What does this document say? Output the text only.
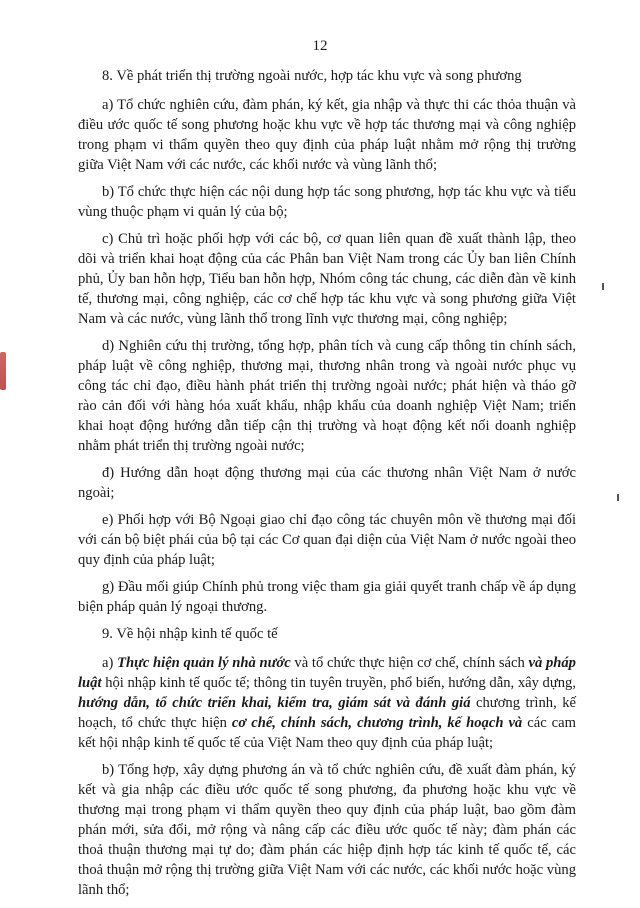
12

8. Về phát triển thị trường ngoài nước, hợp tác khu vực và song phương

a) Tổ chức nghiên cứu, đàm phán, ký kết, gia nhập và thực thi các thỏa thuận và điều ước quốc tế song phương hoặc khu vực về hợp tác thương mại và công nghiệp trong phạm vi thẩm quyền theo quy định của pháp luật nhằm mở rộng thị trường giữa Việt Nam với các nước, các khối nước và vùng lãnh thổ;

b) Tổ chức thực hiện các nội dung hợp tác song phương, hợp tác khu vực và tiểu vùng thuộc phạm vi quản lý của bộ;

c) Chủ trì hoặc phối hợp với các bộ, cơ quan liên quan đề xuất thành lập, theo dõi và triển khai hoạt động của các Phân ban Việt Nam trong các Ủy ban liên Chính phủ, Ủy ban hỗn hợp, Tiểu ban hỗn hợp, Nhóm công tác chung, các diễn đàn về kinh tế, thương mại, công nghiệp, các cơ chế hợp tác khu vực và song phương giữa Việt Nam và các nước, vùng lãnh thổ trong lĩnh vực thương mại, công nghiệp;

d) Nghiên cứu thị trường, tổng hợp, phân tích và cung cấp thông tin chính sách, pháp luật về công nghiệp, thương mại, thương nhân trong và ngoài nước phục vụ công tác chỉ đạo, điều hành phát triển thị trường ngoài nước; phát hiện và tháo gỡ rào cản đối với hàng hóa xuất khẩu, nhập khẩu của doanh nghiệp Việt Nam; triển khai hoạt động hướng dẫn tiếp cận thị trường và hoạt động kết nối doanh nghiệp nhằm phát triển thị trường ngoài nước;

đ) Hướng dẫn hoạt động thương mại của các thương nhân Việt Nam ở nước ngoài;

e) Phối hợp với Bộ Ngoại giao chỉ đạo công tác chuyên môn về thương mại đối với cán bộ biệt phái của bộ tại các Cơ quan đại diện của Việt Nam ở nước ngoài theo quy định của pháp luật;

g) Đầu mối giúp Chính phủ trong việc tham gia giải quyết tranh chấp về áp dụng biện pháp quản lý ngoại thương.

9. Về hội nhập kinh tế quốc tế

a) Thực hiện quản lý nhà nước và tổ chức thực hiện cơ chế, chính sách và pháp luật hội nhập kinh tế quốc tế; thông tin tuyên truyền, phổ biến, hướng dẫn, xây dựng, hướng dẫn, tổ chức triển khai, kiểm tra, giám sát và đánh giá chương trình, kế hoạch, tổ chức thực hiện cơ chế, chính sách, chương trình, kế hoạch và các cam kết hội nhập kinh tế quốc tế của Việt Nam theo quy định của pháp luật;

b) Tổng hợp, xây dựng phương án và tổ chức nghiên cứu, đề xuất đàm phán, ký kết và gia nhập các điều ước quốc tế song phương, đa phương hoặc khu vực về thương mại trong phạm vi thẩm quyền theo quy định của pháp luật, bao gồm đàm phán mới, sửa đổi, mở rộng và nâng cấp các điều ước quốc tế này; đàm phán các thoả thuận thương mại tự do; đàm phán các hiệp định hợp tác kinh tế quốc tế, các thoả thuận mở rộng thị trường giữa Việt Nam với các nước, các khối nước hoặc vùng lãnh thổ;
